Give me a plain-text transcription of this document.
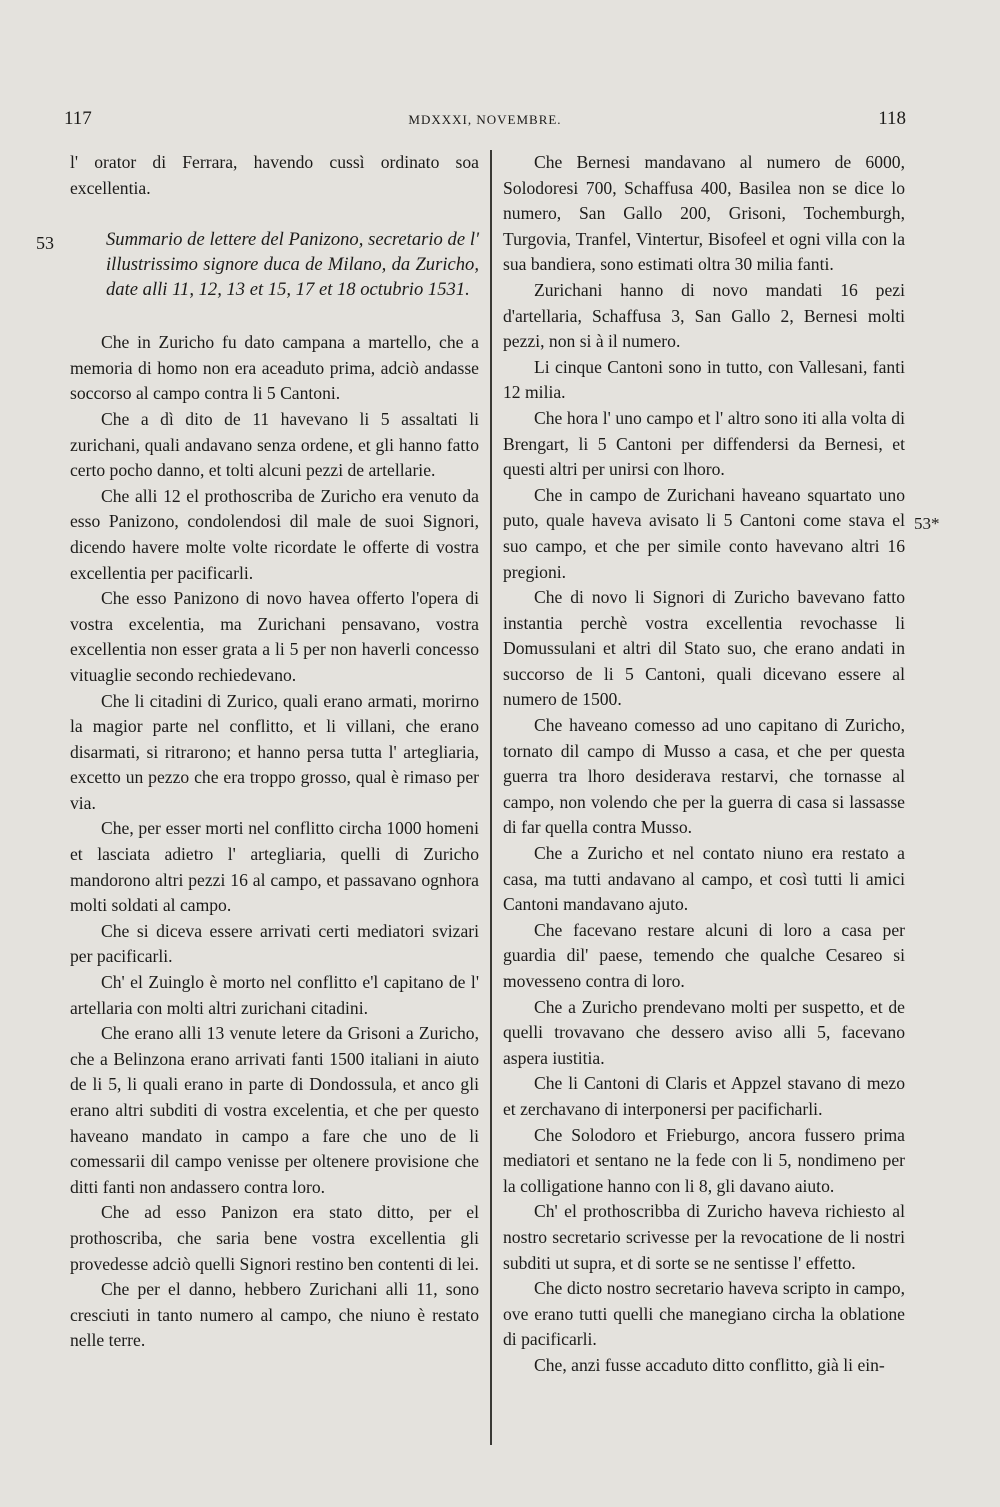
117	MDXXXI, NOVEMBRE.	118
53
53*

l' orator di Ferrara, havendo cussì ordinato soa excellentia.

Summario de lettere del Panizono, secretario de l' illustrissimo signore duca de Milano, da Zuricho, date alli 11, 12, 13 et 15, 17 et 18 octubrio 1531.

Che in Zuricho fu dato campana a martello, che a memoria di homo non era aceaduto prima, adciò andasse soccorso al campo contra li 5 Cantoni.

Che a dì dito de 11 havevano li 5 assaltati li zurichani, quali andavano senza ordene, et gli hanno fatto certo pocho danno, et tolti alcuni pezzi de artellarie.

Che alli 12 el prothoscriba de Zuricho era venuto da esso Panizono, condolendosi dil male de suoi Signori, dicendo havere molte volte ricordate le offerte di vostra excellentia per pacificarli.

Che esso Panizono di novo havea offerto l'opera di vostra excelentia, ma Zurichani pensavano, vostra excellentia non esser grata a li 5 per non haverli concesso vituaglie secondo rechiedevano.

Che li citadini di Zurico, quali erano armati, morirno la magior parte nel conflitto, et li villani, che erano disarmati, si ritrarono; et hanno persa tutta l' artegliaria, excetto un pezzo che era troppo grosso, qual è rimaso per via.

Che, per esser morti nel conflitto circha 1000 homeni et lasciata adietro l' artegliaria, quelli di Zuricho mandorono altri pezzi 16 al campo, et passavano ognhora molti soldati al campo.

Che si diceva essere arrivati certi mediatori svizari per pacificarli.

Ch' el Zuinglo è morto nel conflitto e'l capitano de l' artellaria con molti altri zurichani citadini.

Che erano alli 13 venute letere da Grisoni a Zuricho, che a Belinzona erano arrivati fanti 1500 italiani in aiuto de li 5, li quali erano in parte di Dondossula, et anco gli erano altri subditi di vostra excelentia, et che per questo haveano mandato in campo a fare che uno de li comessarii dil campo venisse per oltenere provisione che ditti fanti non andassero contra loro.

Che ad esso Panizon era stato ditto, per el prothoscriba, che saria bene vostra excellentia gli provedesse adciò quelli Signori restino ben contenti di lei.

Che per el danno, hebbero Zurichani alli 11, sono cresciuti in tanto numero al campo, che niuno è restato nelle terre.

Che Bernesi mandavano al numero de 6000, Solodoresi 700, Schaffusa 400, Basilea non se dice lo numero, San Gallo 200, Grisoni, Tochemburgh, Turgovia, Tranfel, Vintertur, Bisofeel et ogni villa con la sua bandiera, sono estimati oltra 30 milia fanti.

Zurichani hanno di novo mandati 16 pezi d'artellaria, Schaffusa 3, San Gallo 2, Bernesi molti pezzi, non si à il numero.

Li cinque Cantoni sono in tutto, con Vallesani, fanti 12 milia.

Che hora l' uno campo et l' altro sono iti alla volta di Brengart, li 5 Cantoni per diffendersi da Bernesi, et questi altri per unirsi con lhoro.

Che in campo de Zurichani haveano squartato uno puto, quale haveva avisato li 5 Cantoni come stava el suo campo, et che per simile conto havevano altri 16 pregioni.

Che di novo li Signori di Zuricho bavevano fatto instantia perchè vostra excellentia revochasse li Domussulani et altri dil Stato suo, che erano andati in succorso de li 5 Cantoni, quali dicevano essere al numero de 1500.

Che haveano comesso ad uno capitano di Zuricho, tornato dil campo di Musso a casa, et che per questa guerra tra lhoro desiderava restarvi, che tornasse al campo, non volendo che per la guerra di casa si lassasse di far quella contra Musso.

Che a Zuricho et nel contato niuno era restato a casa, ma tutti andavano al campo, et così tutti li amici Cantoni mandavano ajuto.

Che facevano restare alcuni di loro a casa per guardia dil' paese, temendo che qualche Cesareo si movesseno contra di loro.

Che a Zuricho prendevano molti per suspetto, et de quelli trovavano che dessero aviso alli 5, facevano aspera iustitia.

Che li Cantoni di Claris et Appzel stavano di mezo et zerchavano di interponersi per pacificharli.

Che Solodoro et Frieburgo, ancora fussero prima mediatori et sentano ne la fede con li 5, nondimeno per la colligatione hanno con li 8, gli davano aiuto.

Ch' el prothoscribba di Zuricho haveva richiesto al nostro secretario scrivesse per la revocatione de li nostri subditi ut supra, et di sorte se ne sentisse l' effetto.

Che dicto nostro secretario haveva scripto in campo, ove erano tutti quelli che manegiano circha la oblatione di pacificarli.

Che, anzi fusse accaduto ditto conflitto, già li ein-
